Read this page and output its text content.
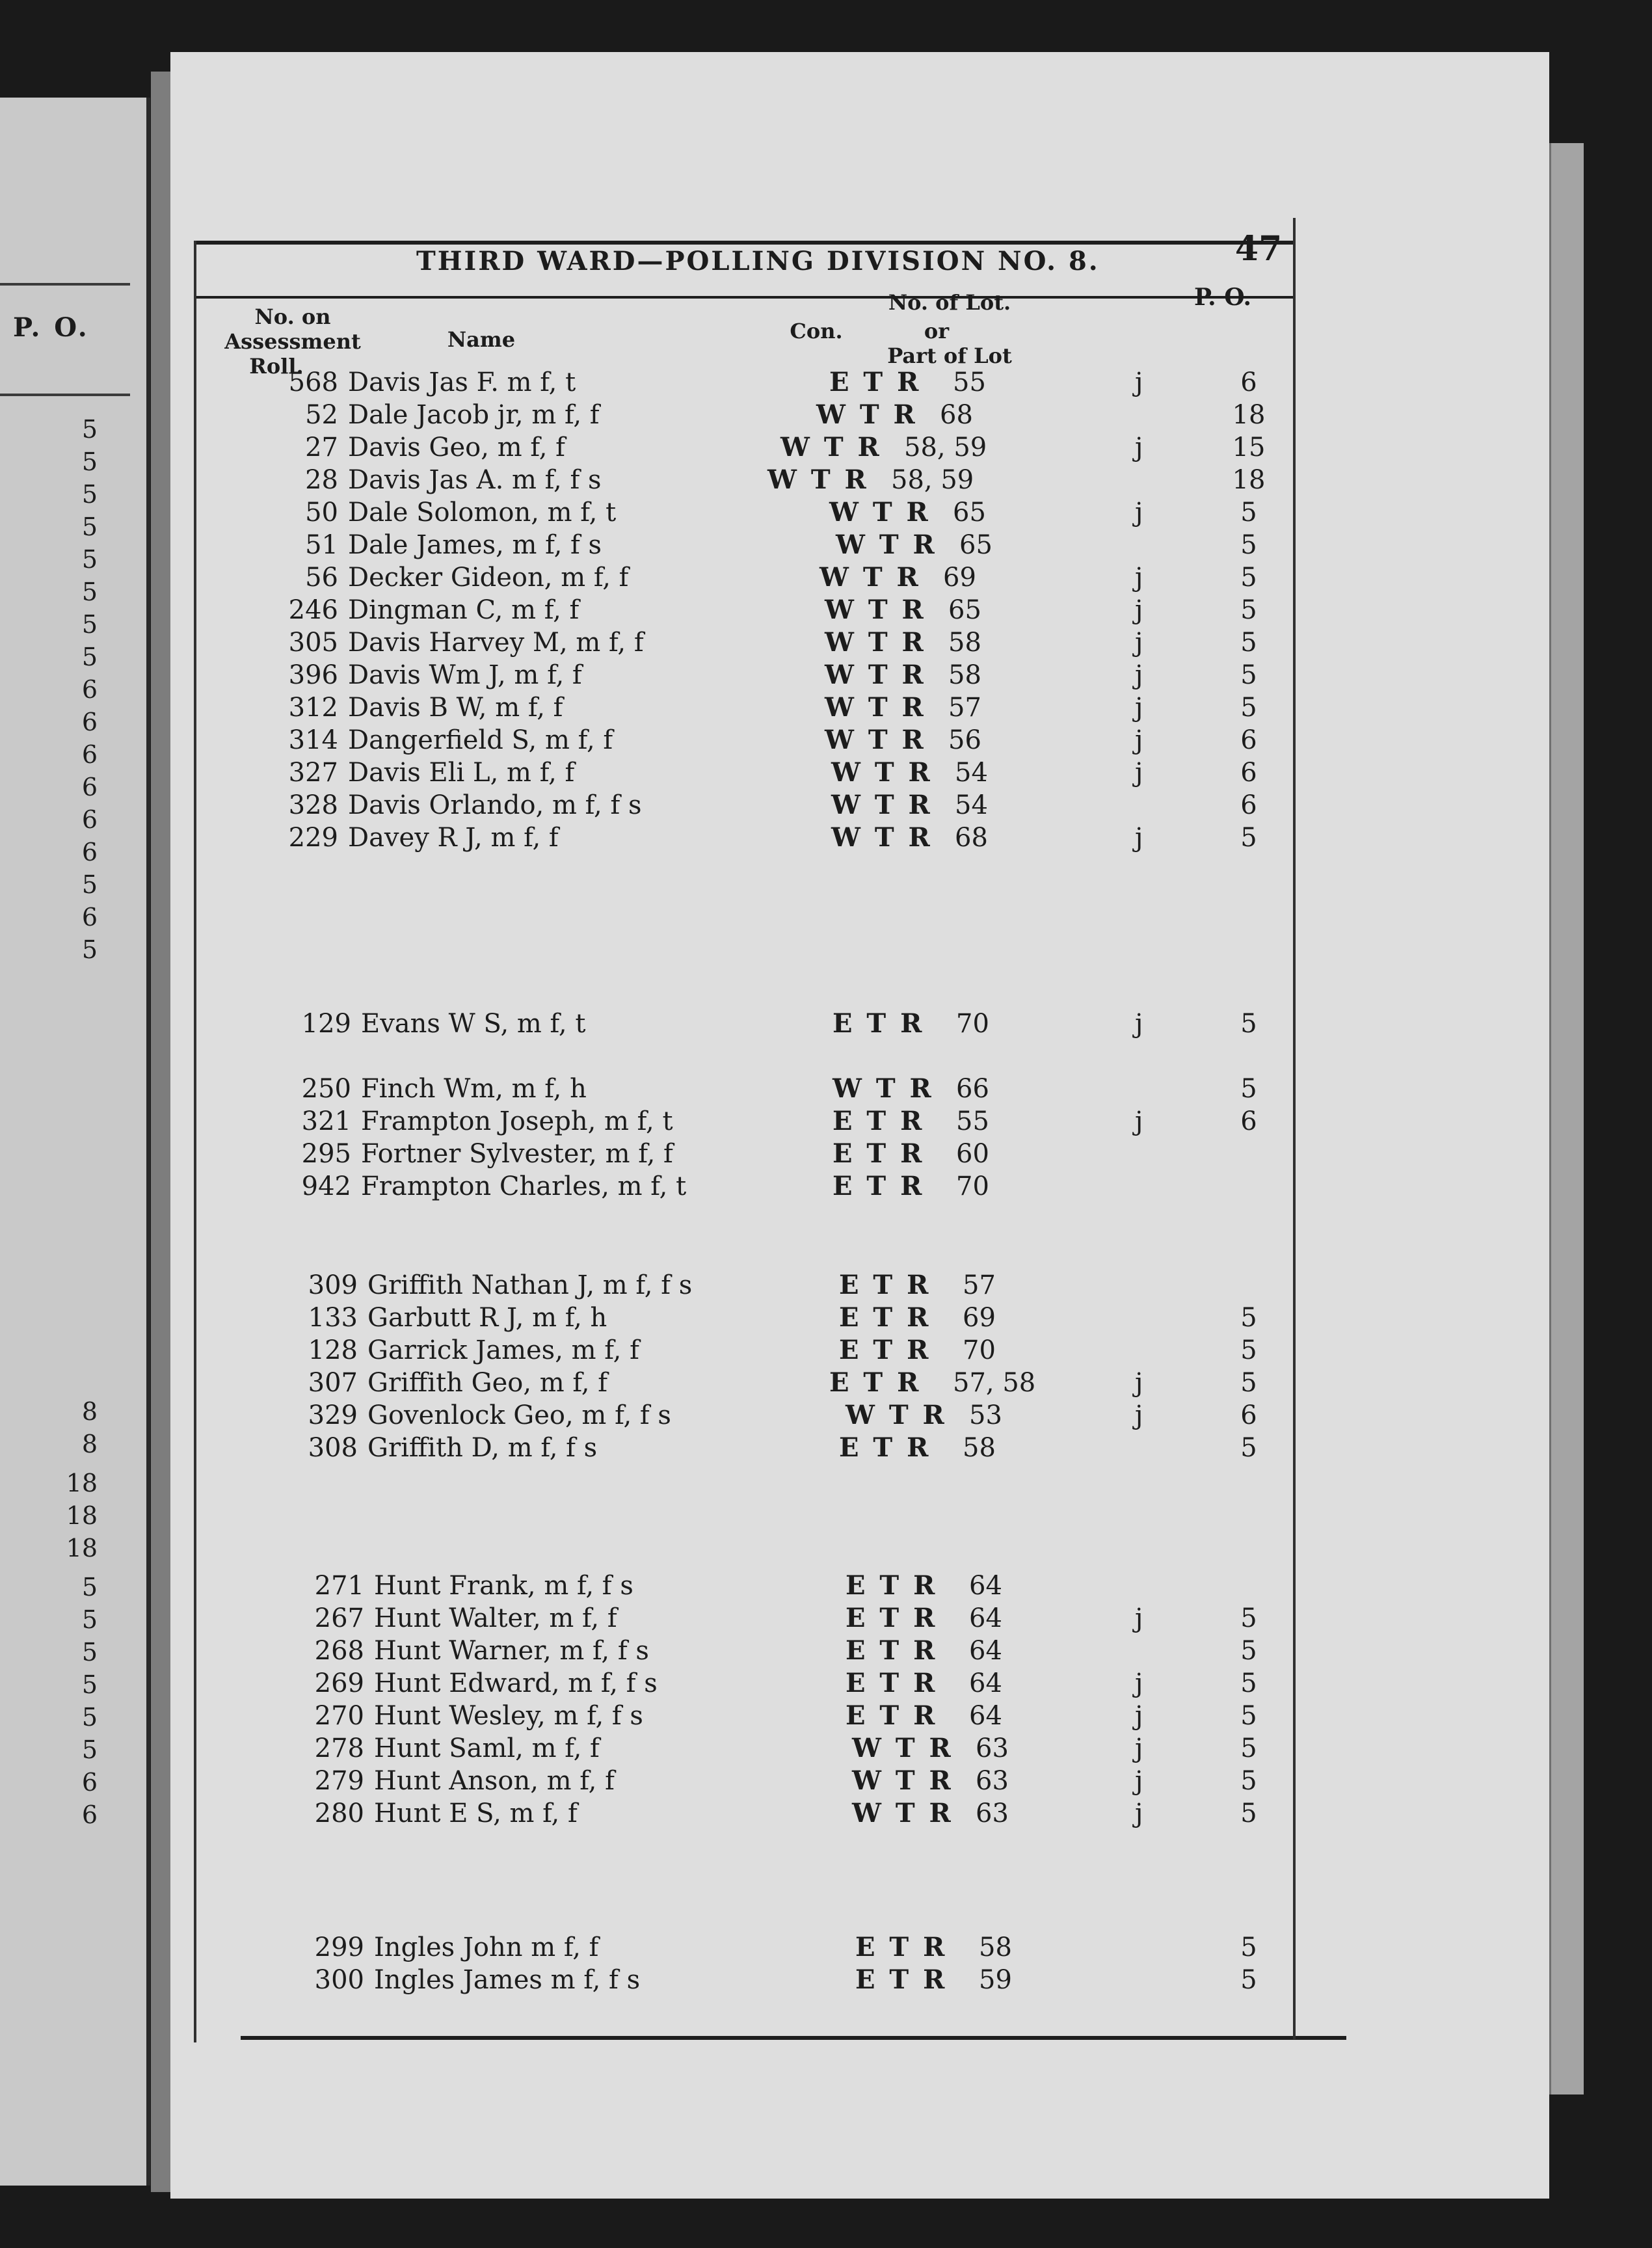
P. O.
5
5
5
5
5
5
5
5
6
6
6
6
6
6
5
6
5
8
8
18
18
18
5
5
5
5
5
5
6
6
THIRD WARD—POLLING DIVISION NO. 8.	47
No. on
Assessment
Roll.
Name
No. of Lot.
Con.	or
Part of Lot
P. O.
568 Davis Jas F. m f, t	E T R 55	j	6
52 Dale Jacob jr, m f, f	W T R 68	18
27 Davis Geo, m f, f	W T R 58, 59	j	15
28 Davis Jas A. m f, f s	W T R 58, 59	18
50 Dale Solomon, m f, t	W T R 65	j	5
51 Dale James, m f, f s	W T R 65	5
56 Decker Gideon, m f, f	W T R 69	j	5
246 Dingman C, m f, f	W T R 65	j	5
305 Davis Harvey M, m f, f	W T R 58	j	5
396 Davis Wm J, m f, f	W T R 58	j	5
312 Davis B W, m f, f	W T R 57	j	5
314 Dangerfield S, m f, f	W T R 56	j	6
327 Davis Eli L, m f, f	W T R 54	j	6
328 Davis Orlando, m f, f s	W T R 54	6
229 Davey R J, m f, f	W T R 68	j	5
129 Evans W S, m f, t	E T R 70	j	5
250 Finch Wm, m f, h	W T R 66	5
321 Frampton Joseph, m f, t	E T R 55	j	6
295 Fortner Sylvester, m f, f	E T R 60
942 Frampton Charles, m f, t	E T R 70
309 Griffith Nathan J, m f, f s	E T R 57
133 Garbutt R J, m f, h	E T R 69	5
128 Garrick James, m f, f	E T R 70	5
307 Griffith Geo, m f, f	E T R 57, 58	j	5
329 Govenlock Geo, m f, f s	W T R 53	j	6
308 Griffith D, m f, f s	E T R 58	5
271 Hunt Frank, m f, f s	E T R 64
267 Hunt Walter, m f, f	E T R 64	j	5
268 Hunt Warner, m f, f s	E T R 64	5
269 Hunt Edward, m f, f s	E T R 64	j	5
270 Hunt Wesley, m f, f s	E T R 64	j	5
278 Hunt Saml, m f, f	W T R 63	j	5
279 Hunt Anson, m f, f	W T R 63	j	5
280 Hunt E S, m f, f	W T R 63	j	5
299 Ingles John m f, f	E T R 58	5
300 Ingles James m f, f s	E T R 59	5
